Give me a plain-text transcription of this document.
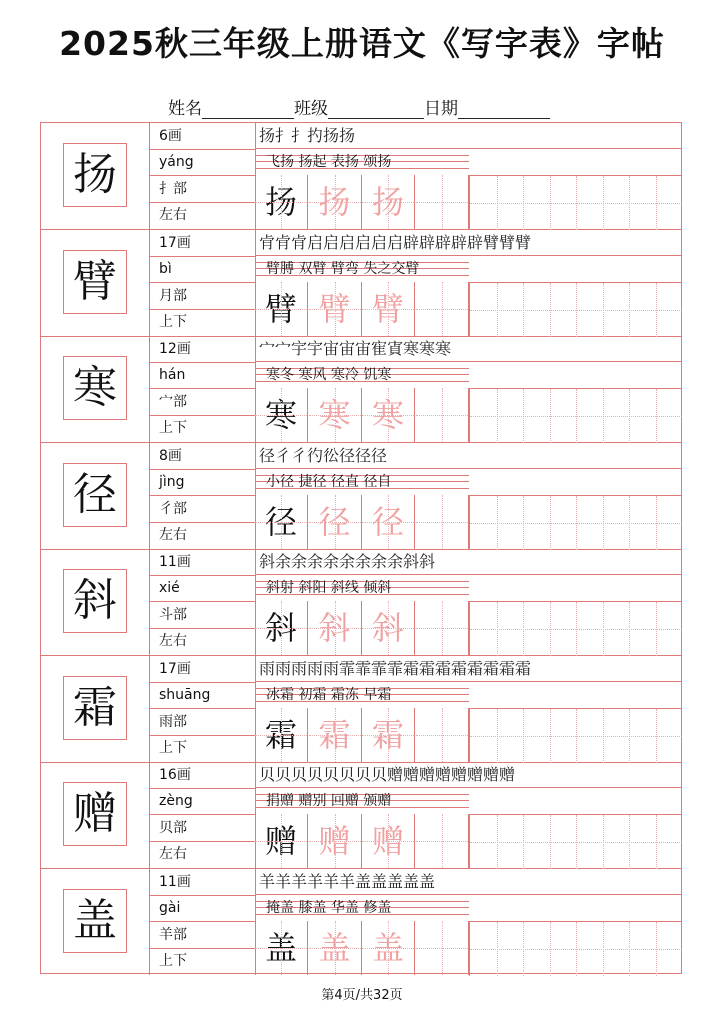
2025秋三年级上册语文《写字表》字帖
姓名	班级	日期
扬
6画
yáng
扌部
左右
扬扌扌扚扬扬
扬 扬 扬
飞扬 扬起 表扬 颂扬
臂
17画
bì
月部
上下
肻肻肻启启启启启启辟辟辟辟辟臂臂臂
臂 臂 臂
臂膊 双臂 臂弯 失之交臂
寒
12画
hán
宀部
上下
宀宀宇宇宙宙宙寉寊寒寒寒
寒 寒 寒
寒冬 寒风 寒冷 饥寒
径
8画
jìng
彳部
左右
径彳彳彴彸径径径
径 径 径
小径 捷径 径直 径自
斜
11画
xié
斗部
左右
斜余余余余余余余余斜斜
斜 斜 斜
斜射 斜阳 斜线 倾斜
霜
17画
shuāng
雨部
上下
雨雨雨雨雨霏霏霏霏霜霜霜霜霜霜霜霜
霜 霜 霜
冰霜 初霜 霜冻 早霜
赠
16画
zèng
贝部
左右
贝贝贝贝贝贝贝贝赠赠赠赠赠赠赠赠
赠 赠 赠
捐赠 赠别 回赠 颁赠
盖
11画
gài
羊部
上下
羊羊羊羊羊羊盖盖盖盖盖
盖 盖 盖
掩盖 膝盖 华盖 修盖
第4页/共32页
